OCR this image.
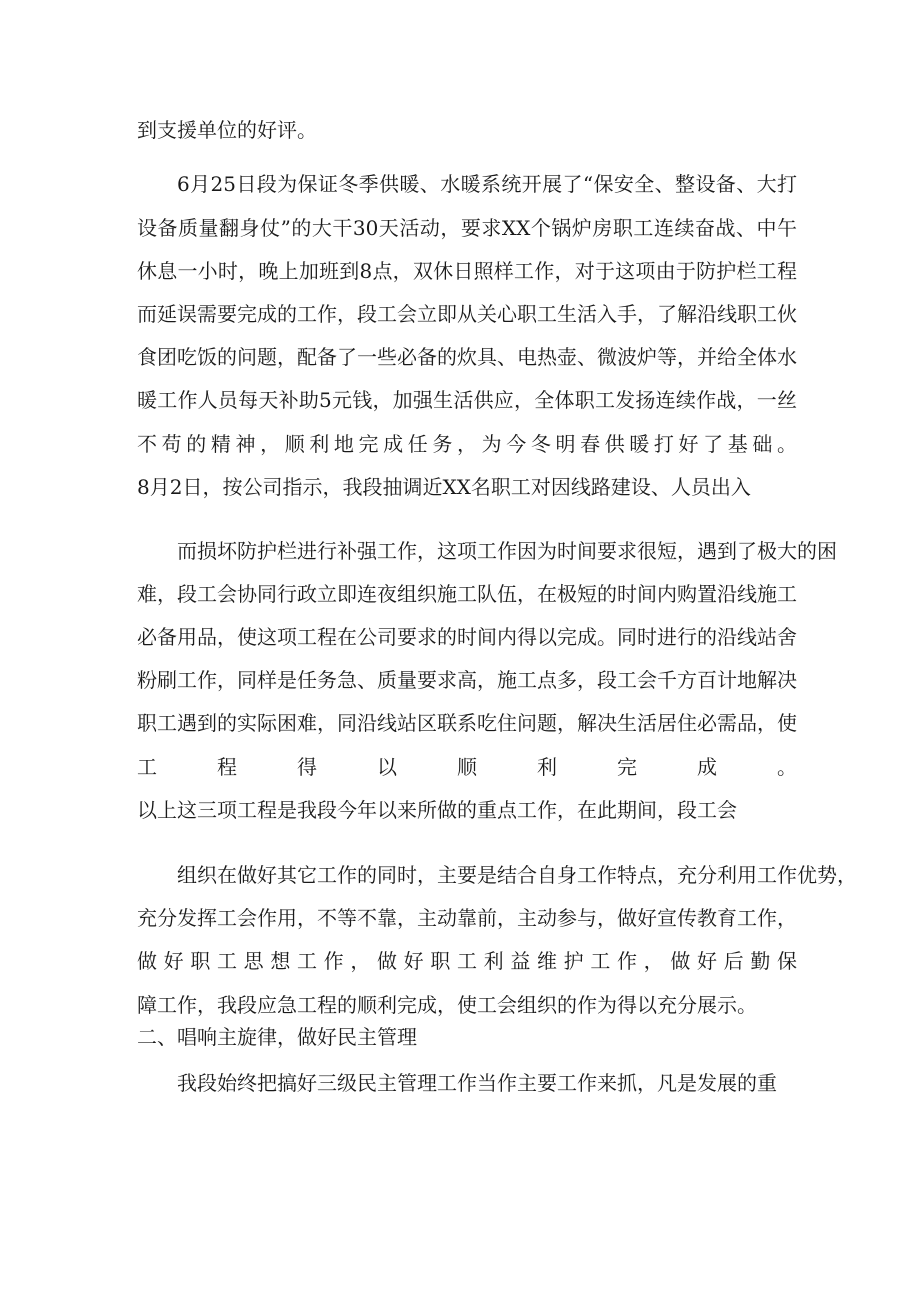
到支援单位的好评。
6月25日段为保证冬季供暖、水暖系统开展了“保安全、整设备、大打
设备质量翻身仗”的大干30天活动，要求XX个锅炉房职工连续奋战、中午
休息一小时，晚上加班到8点，双休日照样工作，对于这项由于防护栏工程
而延误需要完成的工作，段工会立即从关心职工生活入手，了解沿线职工伙
食团吃饭的问题，配备了一些必备的炊具、电热壶、微波炉等，并给全体水
暖工作人员每天补助5元钱，加强生活供应，全体职工发扬连续作战，一丝
不苟的精神，顺利地完成任务，为今冬明春供暖打好了基础。
8月2日，按公司指示，我段抽调近XX名职工对因线路建设、人员出入
而损坏防护栏进行补强工作，这项工作因为时间要求很短，遇到了极大的困
难，段工会协同行政立即连夜组织施工队伍，在极短的时间内购置沿线施工
必备用品，使这项工程在公司要求的时间内得以完成。同时进行的沿线站舍
粉刷工作，同样是任务急、质量要求高，施工点多，段工会千方百计地解决
职工遇到的实际困难，同沿线站区联系吃住问题，解决生活居住必需品，使
工程得以顺利完成。
以上这三项工程是我段今年以来所做的重点工作，在此期间，段工会
组织在做好其它工作的同时，主要是结合自身工作特点，充分利用工作优势，
充分发挥工会作用，不等不靠，主动靠前，主动参与，做好宣传教育工作，
做好职工思想工作，做好职工利益维护工作，做好后勤保
障工作，我段应急工程的顺利完成，使工会组织的作为得以充分展示。
二、唱响主旋律，做好民主管理
我段始终把搞好三级民主管理工作当作主要工作来抓，凡是发展的重
